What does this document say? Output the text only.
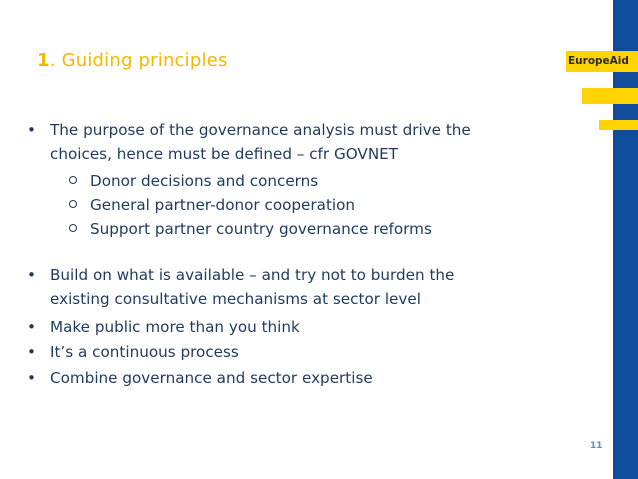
EuropeAid
1. Guiding principles
• The purpose of the governance analysis must drive the
choices, hence must be defined – cfr GOVNET
Donor decisions and concerns
General partner-donor cooperation
Support partner country governance reforms
• Build on what is available – and try not to burden the
existing consultative mechanisms at sector level
• Make public more than you think
• It’s a continuous process
• Combine governance and sector expertise
11
